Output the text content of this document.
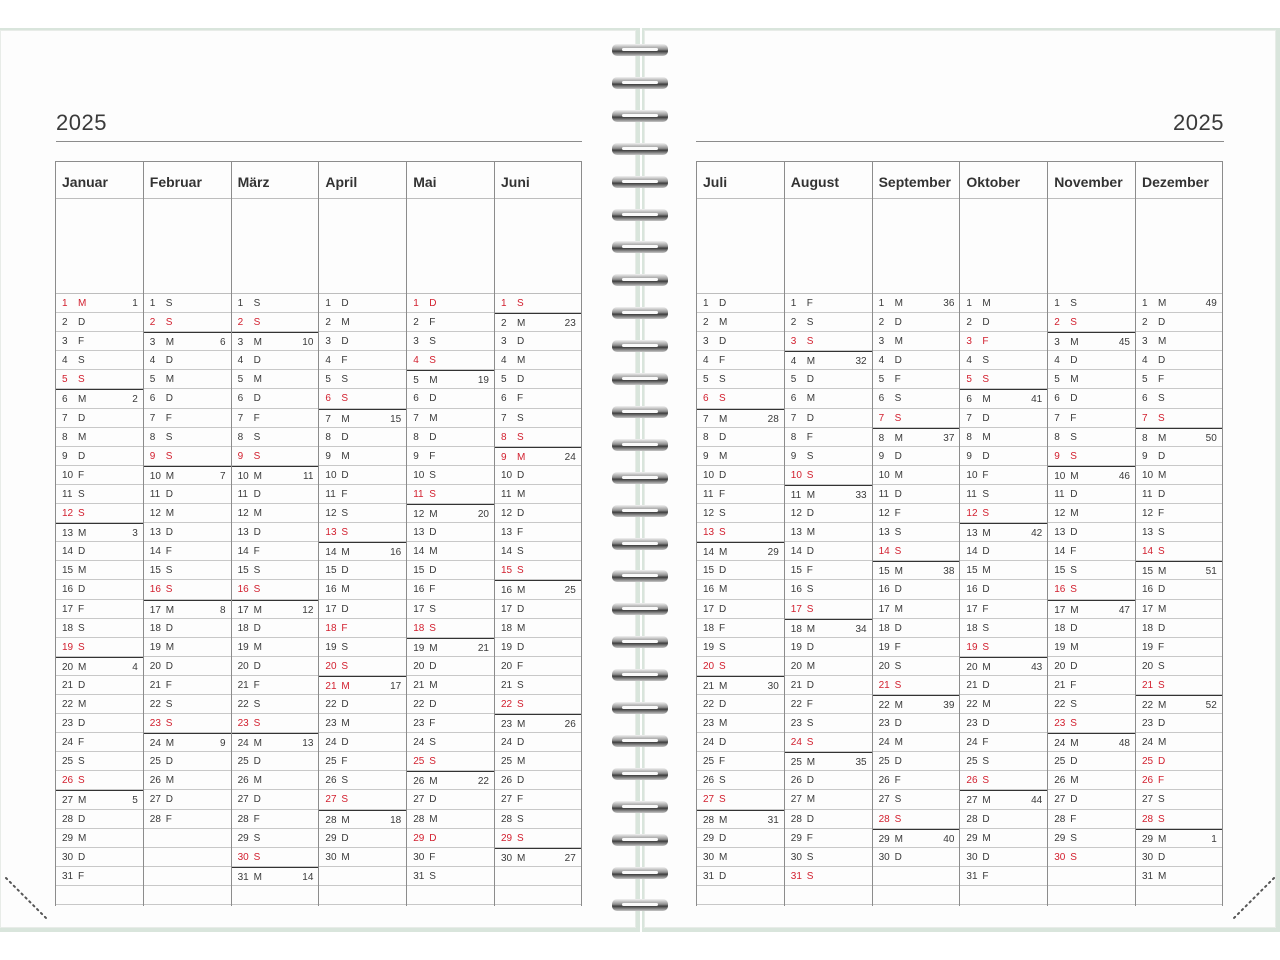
2025
Januar
1	M	1
2	D
3	F
4	S
5	S
6	M	2
7	D
8	M
9	D
10 F
11 S
12 S
13 M	3
14 D
15 M
16 D
17 F
18 S
19 S
20 M	4
21 D
22 M
23 D
24 F
25 S
26 S
27 M	5
28 D
29 M
30 D
31 F
Februar
1	S
2	S
3	M	6
4	D
5	M
6	D
7	F
8	S
9	S
10 M	7
11 D
12 M
13 D
14 F
15 S
16 S
17 M	8
18 D
19 M
20 D
21 F
22 S
23 S
24 M	9
25 D
26 M
27 D
28 F
März
1	S
2	S
3	M	10
4	D
5	M
6	D
7	F
8	S
9	S
10 M	11
11 D
12 M
13 D
14 F
15 S
16 S
17 M	12
18 D
19 M
20 D
21 F
22 S
23 S
24 M	13
25 D
26 M
27 D
28 F
29 S
30 S
31 M	14
April
1	D
2	M
3	D
4	F
5	S
6	S
7	M	15
8	D
9	M
10 D
11 F
12 S
13 S
14 M	16
15 D
16 M
17 D
18 F
19 S
20 S
21 M	17
22 D
23 M
24 D
25 F
26 S
27 S
28 M	18
29 D
30 M
Mai
1	D
2	F
3	S
4	S
5	M	19
6	D
7	M
8	D
9	F
10 S
11 S
12 M	20
13 D
14 M
15 D
16 F
17 S
18 S
19 M	21
20 D
21 M
22 D
23 F
24 S
25 S
26 M	22
27 D
28 M
29 D
30 F
31 S
Juni
1	S
2	M	23
3	D
4	M
5	D
6	F
7	S
8	S
9	M	24
10 D
11 M
12 D
13 F
14 S
15 S
16 M	25
17 D
18 M
19 D
20 F
21 S
22 S
23 M	26
24 D
25 M
26 D
27 F
28 S
29 S
30 M	27
2025
Juli
1	D
2	M
3	D
4	F
5	S
6	S
7	M	28
8	D
9	M
10 D
11 F
12 S
13 S
14 M	29
15 D
16 M
17 D
18 F
19 S
20 S
21 M	30
22 D
23 M
24 D
25 F
26 S
27 S
28 M	31
29 D
30 M
31 D
August
1	F
2	S
3	S
4	M	32
5	D
6	M
7	D
8	F
9	S
10 S
11 M	33
12 D
13 M
14 D
15 F
16 S
17 S
18 M	34
19 D
20 M
21 D
22 F
23 S
24 S
25 M	35
26 D
27 M
28 D
29 F
30 S
31 S
September
1	M	36
2	D
3	M
4	D
5	F
6	S
7	S
8	M	37
9	D
10 M
11 D
12 F
13 S
14 S
15 M	38
16 D
17 M
18 D
19 F
20 S
21 S
22 M	39
23 D
24 M
25 D
26 F
27 S
28 S
29 M	40
30 D
Oktober
1	M
2	D
3	F
4	S
5	S
6	M	41
7	D
8	M
9	D
10 F
11 S
12 S
13 M	42
14 D
15 M
16 D
17 F
18 S
19 S
20 M	43
21 D
22 M
23 D
24 F
25 S
26 S
27 M	44
28 D
29 M
30 D
31 F
November
1	S
2	S
3	M	45
4	D
5	M
6	D
7	F
8	S
9	S
10 M	46
11 D
12 M
13 D
14 F
15 S
16 S
17 M	47
18 D
19 M
20 D
21 F
22 S
23 S
24 M	48
25 D
26 M
27 D
28 F
29 S
30 S
Dezember
1	M	49
2	D
3	M
4	D
5	F
6	S
7	S
8	M	50
9	D
10 M
11 D
12 F
13 S
14 S
15 M	51
16 D
17 M
18 D
19 F
20 S
21 S
22 M	52
23 D
24 M
25 D
26 F
27 S
28 S
29 M	1
30 D
31 M
